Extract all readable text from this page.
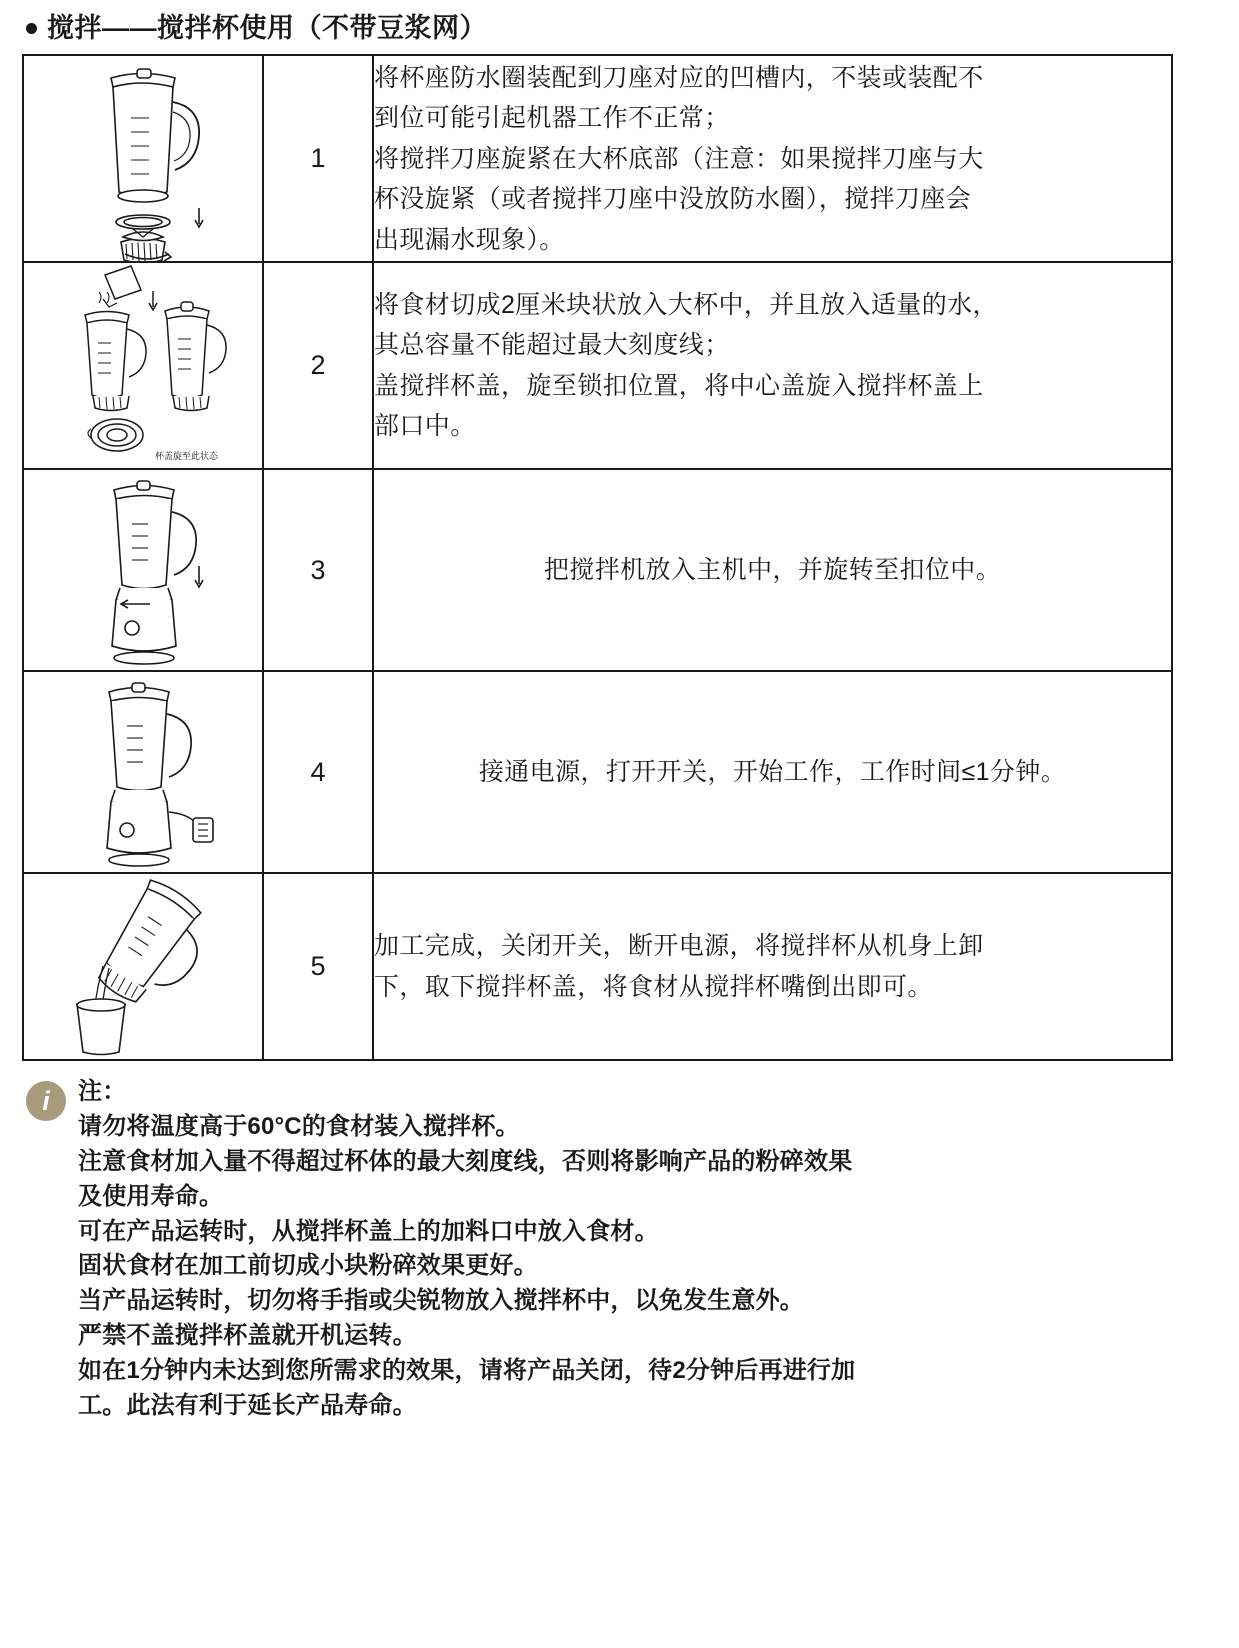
搅拌——搅拌杯使用（不带豆浆网）
	1	将杯座防水圈装配到刀座对应的凹槽内，不装或装配不

到位可能引起机器工作不正常；

将搅拌刀座旋紧在大杯底部（注意：如果搅拌刀座与大

杯没旋紧（或者搅拌刀座中没放防水圈），搅拌刀座会

出现漏水现象）。

杯盖旋至此状态	2	将食材切成2厘米块状放入大杯中，并且放入适量的水，

其总容量不能超过最大刻度线；

盖搅拌杯盖，旋至锁扣位置，将中心盖旋入搅拌杯盖上

部口中。

	3	把搅拌机放入主机中，并旋转至扣位中。

	4	接通电源，打开开关，开始工作，工作时间≤1分钟。

	5	加工完成，关闭开关，断开电源，将搅拌杯从机身上卸

下，取下搅拌杯盖，将食材从搅拌杯嘴倒出即可。

i	注：

请勿将温度高于60°C的食材装入搅拌杯。

注意食材加入量不得超过杯体的最大刻度线，否则将影响产品的粉碎效果

及使用寿命。

可在产品运转时，从搅拌杯盖上的加料口中放入食材。

固状食材在加工前切成小块粉碎效果更好。

当产品运转时，切勿将手指或尖锐物放入搅拌杯中，以免发生意外。

严禁不盖搅拌杯盖就开机运转。

如在1分钟内未达到您所需求的效果，请将产品关闭，待2分钟后再进行加

工。此法有利于延长产品寿命。
